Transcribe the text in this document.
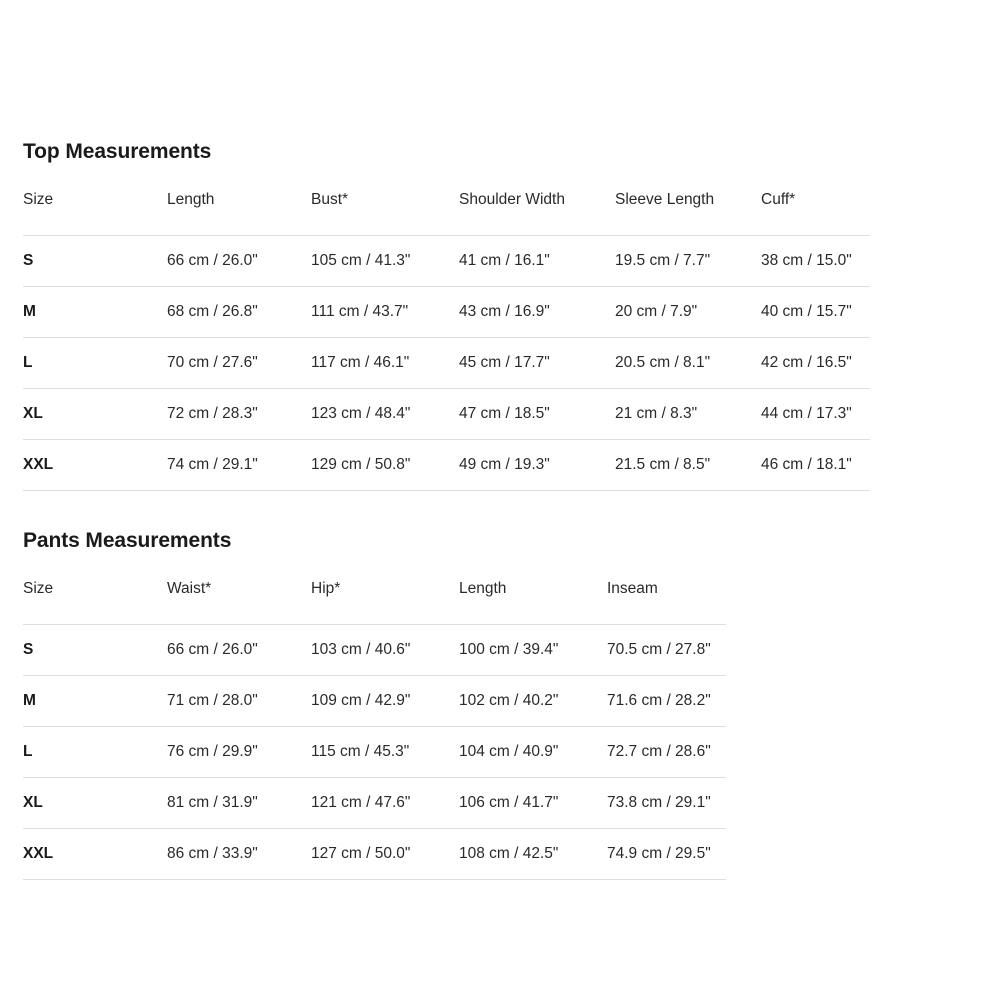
Top Measurements
Size	Length	Bust*	Shoulder Width	Sleeve Length	Cuff*
S	66 cm / 26.0"	105 cm / 41.3"	41 cm / 16.1"	19.5 cm / 7.7"	38 cm / 15.0"
M	68 cm / 26.8"	111 cm / 43.7"	43 cm / 16.9"	20 cm / 7.9"	40 cm / 15.7"
L	70 cm / 27.6"	117 cm / 46.1"	45 cm / 17.7"	20.5 cm / 8.1"	42 cm / 16.5"
XL	72 cm / 28.3"	123 cm / 48.4"	47 cm / 18.5"	21 cm / 8.3"	44 cm / 17.3"
XXL	74 cm / 29.1"	129 cm / 50.8"	49 cm / 19.3"	21.5 cm / 8.5"	46 cm / 18.1"
Pants Measurements
Size	Waist*	Hip*	Length	Inseam
S	66 cm / 26.0"	103 cm / 40.6"	100 cm / 39.4"	70.5 cm / 27.8"
M	71 cm / 28.0"	109 cm / 42.9"	102 cm / 40.2"	71.6 cm / 28.2"
L	76 cm / 29.9"	115 cm / 45.3"	104 cm / 40.9"	72.7 cm / 28.6"
XL	81 cm / 31.9"	121 cm / 47.6"	106 cm / 41.7"	73.8 cm / 29.1"
XXL	86 cm / 33.9"	127 cm / 50.0"	108 cm / 42.5"	74.9 cm / 29.5"
